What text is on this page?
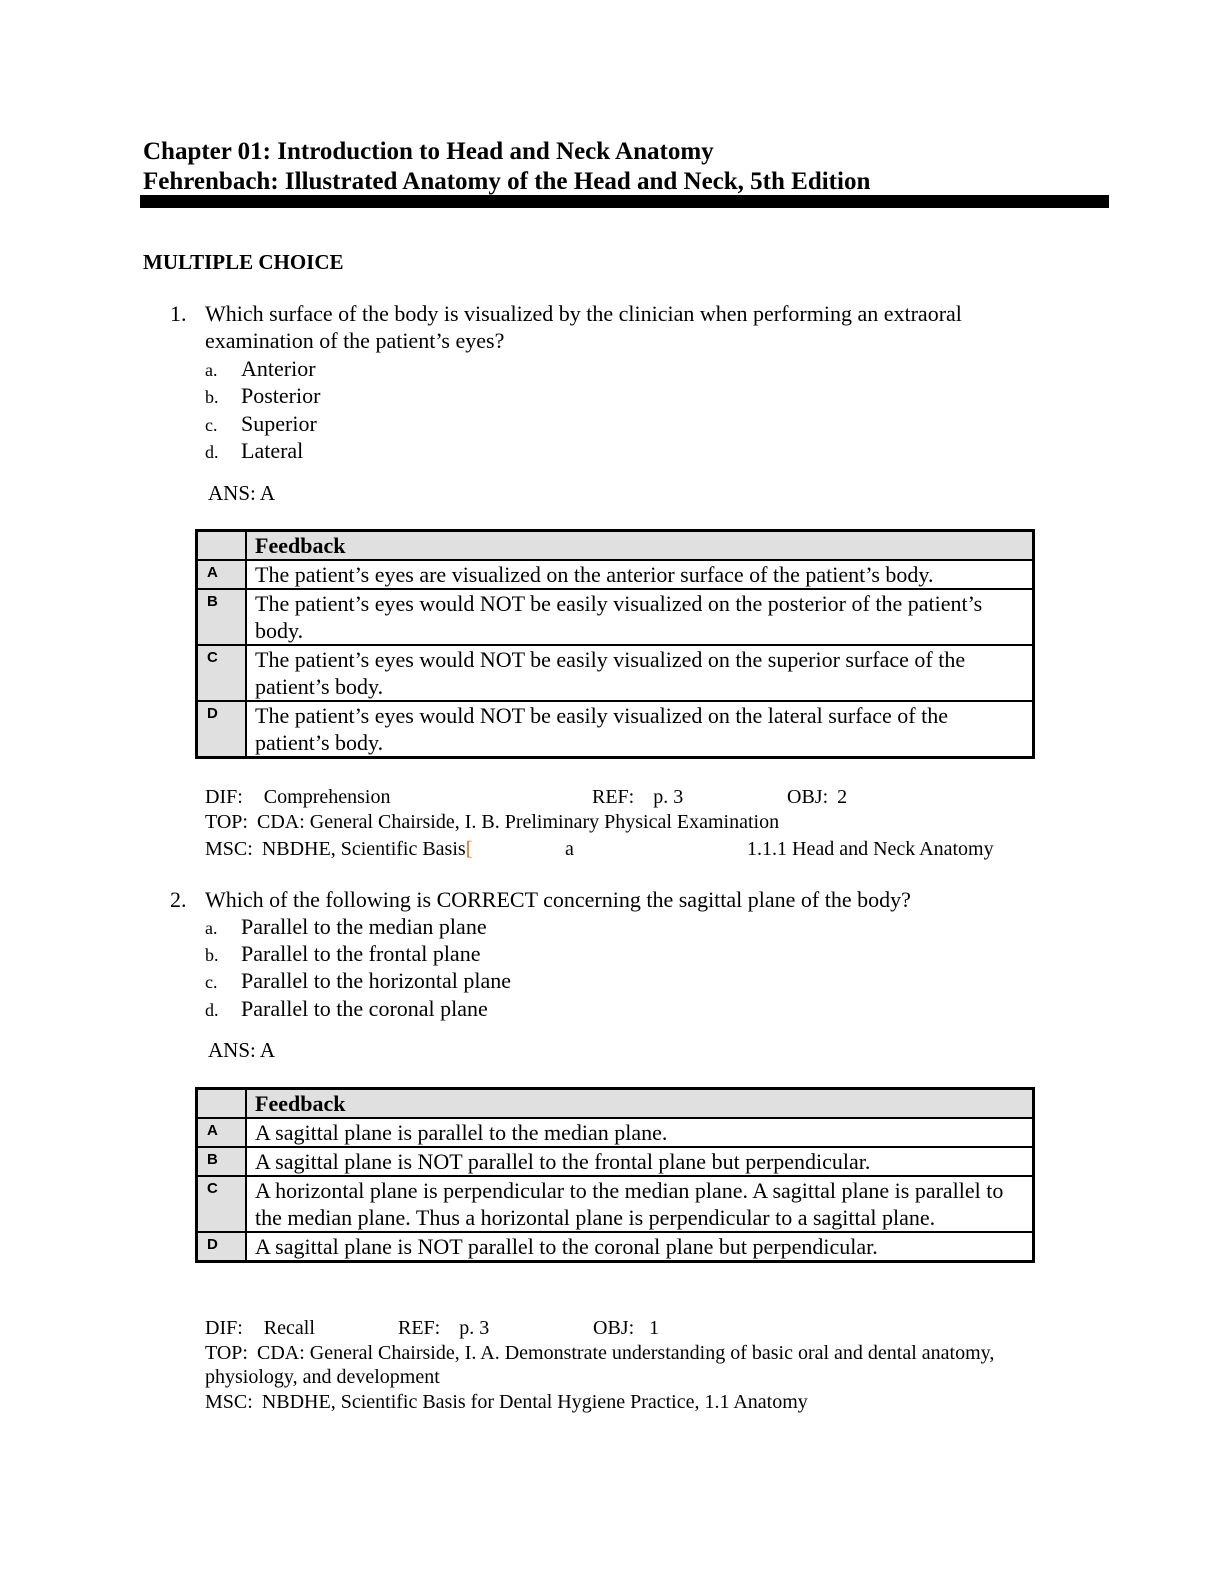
Chapter 01: Introduction to Head and Neck Anatomy
Fehrenbach: Illustrated Anatomy of the Head and Neck, 5th Edition
MULTIPLE CHOICE
1. Which surface of the body is visualized by the clinician when performing an extraoral examination of the patient’s eyes?
a. Anterior
b. Posterior
c. Superior
d. Lateral
ANS: A
	Feedback
A	The patient’s eyes are visualized on the anterior surface of the patient’s body.
B	The patient’s eyes would NOT be easily visualized on the posterior of the patient’s body.
C	The patient’s eyes would NOT be easily visualized on the superior surface of the patient’s body.
D	The patient’s eyes would NOT be easily visualized on the lateral surface of the patient’s body.
DIF: Comprehension	REF: p. 3	OBJ: 2
TOP: CDA: General Chairside, I. B. Preliminary Physical Examination
MSC: NBDHE, Scientific Basis[	a	1.1.1 Head and Neck Anatomy
2. Which of the following is CORRECT concerning the sagittal plane of the body?
a. Parallel to the median plane
b. Parallel to the frontal plane
c. Parallel to the horizontal plane
d. Parallel to the coronal plane
ANS: A
	Feedback
A	A sagittal plane is parallel to the median plane.
B	A sagittal plane is NOT parallel to the frontal plane but perpendicular.
C	A horizontal plane is perpendicular to the median plane. A sagittal plane is parallel to the median plane. Thus a horizontal plane is perpendicular to a sagittal plane.
D	A sagittal plane is NOT parallel to the coronal plane but perpendicular.
DIF: Recall	REF: p. 3	OBJ: 1
TOP: CDA: General Chairside, I. A. Demonstrate understanding of basic oral and dental anatomy,
physiology, and development
MSC: NBDHE, Scientific Basis for Dental Hygiene Practice, 1.1 Anatomy
